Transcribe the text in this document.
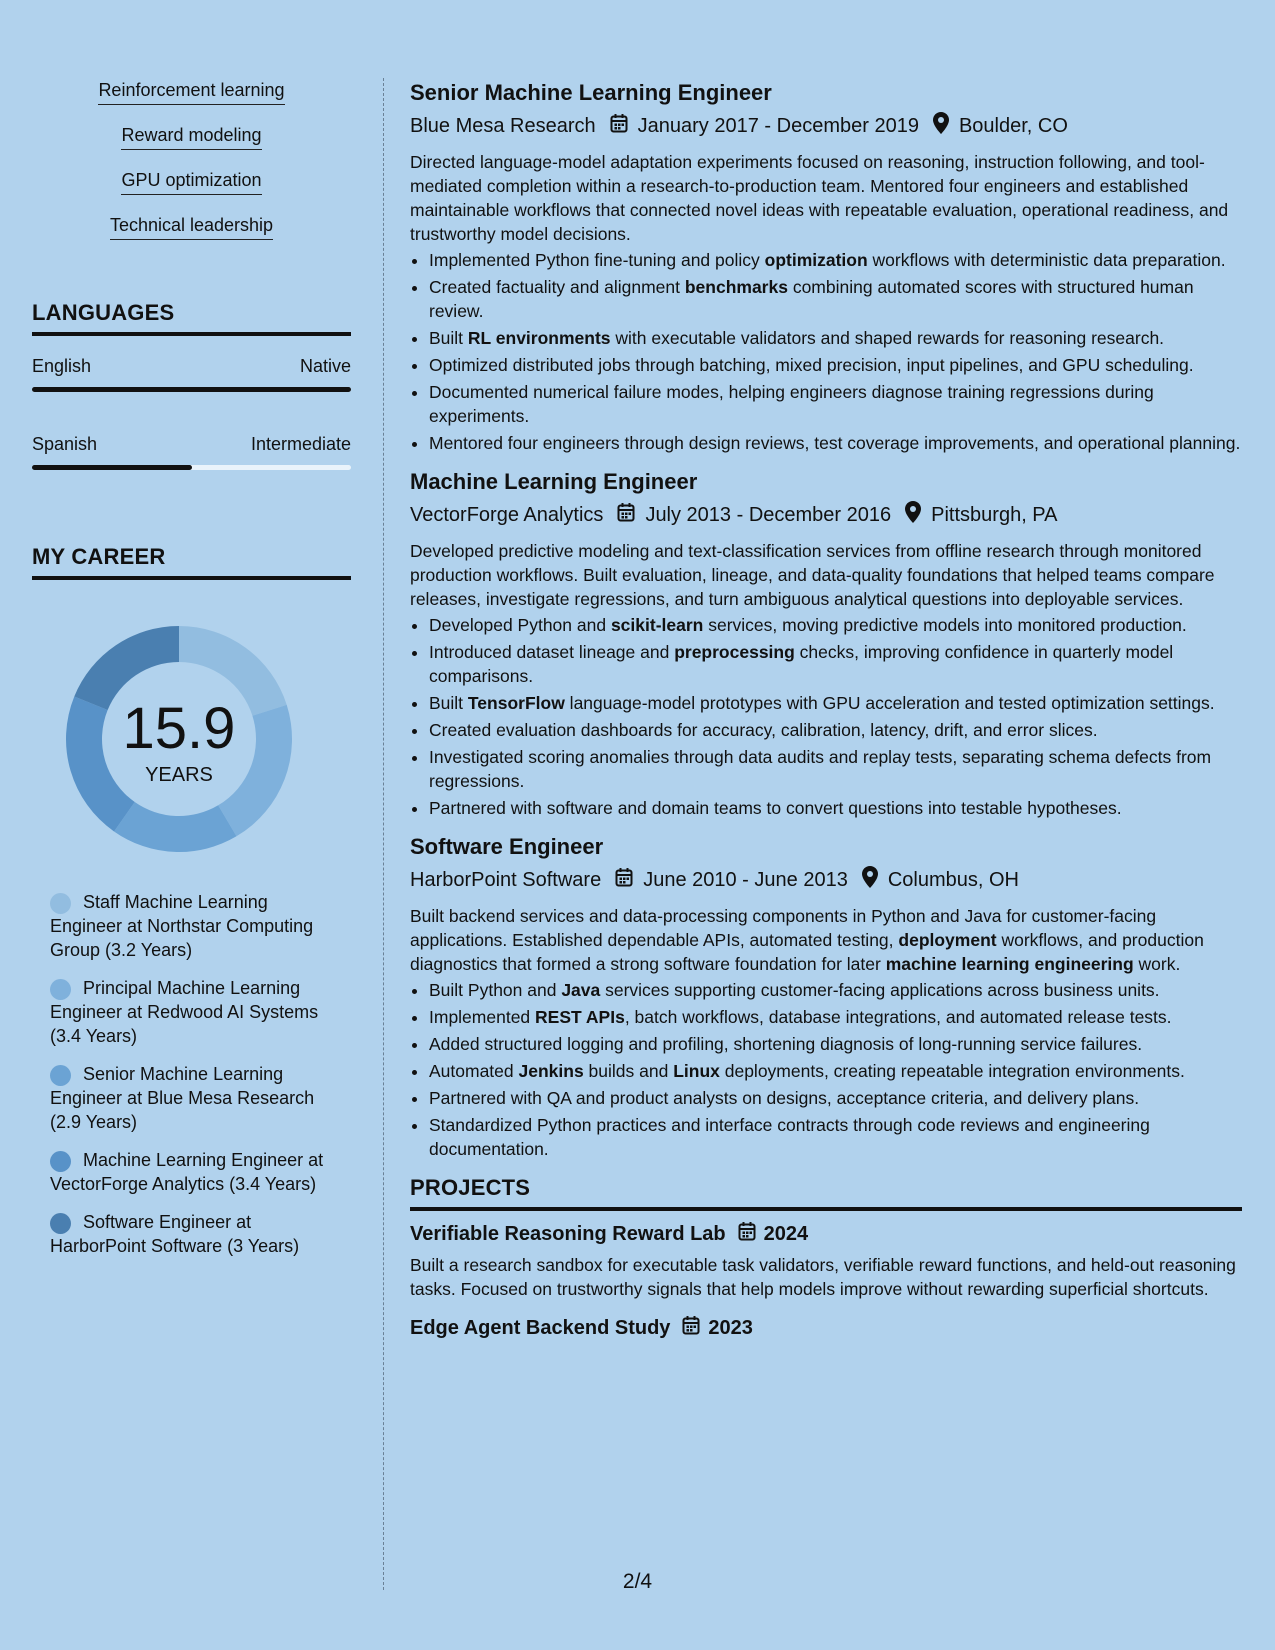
Reinforcement learning
Reward modeling
GPU optimization
Technical leadership
LANGUAGES
English	Native
Spanish	Intermediate
MY CAREER
15.9
YEARS
Staff Machine Learning Engineer at Northstar Computing Group (3.2 Years)
Principal Machine Learning Engineer at Redwood AI Systems (3.4 Years)
Senior Machine Learning Engineer at Blue Mesa Research (2.9 Years)
Machine Learning Engineer at VectorForge Analytics (3.4 Years)
Software Engineer at HarborPoint Software (3 Years)
Senior Machine Learning Engineer
Blue Mesa Research January 2017 - December 2019 Boulder, CO

Directed language-model adaptation experiments focused on reasoning, instruction following, and tool-mediated completion within a research-to-production team. Mentored four engineers and established maintainable workflows that connected novel ideas with repeatable evaluation, operational readiness, and trustworthy model decisions.

• Implemented Python fine-tuning and policy optimization workflows with deterministic data preparation.
• Created factuality and alignment benchmarks combining automated scores with structured human review.
• Built RL environments with executable validators and shaped rewards for reasoning research.
• Optimized distributed jobs through batching, mixed precision, input pipelines, and GPU scheduling.
• Documented numerical failure modes, helping engineers diagnose training regressions during experiments.
• Mentored four engineers through design reviews, test coverage improvements, and operational planning.
Machine Learning Engineer
VectorForge Analytics July 2013 - December 2016 Pittsburgh, PA

Developed predictive modeling and text-classification services from offline research through monitored production workflows. Built evaluation, lineage, and data-quality foundations that helped teams compare releases, investigate regressions, and turn ambiguous analytical questions into deployable services.

• Developed Python and scikit-learn services, moving predictive models into monitored production.
• Introduced dataset lineage and preprocessing checks, improving confidence in quarterly model comparisons.
• Built TensorFlow language-model prototypes with GPU acceleration and tested optimization settings.
• Created evaluation dashboards for accuracy, calibration, latency, drift, and error slices.
• Investigated scoring anomalies through data audits and replay tests, separating schema defects from regressions.
• Partnered with software and domain teams to convert questions into testable hypotheses.
Software Engineer
HarborPoint Software June 2010 - June 2013 Columbus, OH

Built backend services and data-processing components in Python and Java for customer-facing applications. Established dependable APIs, automated testing, deployment workflows, and production diagnostics that formed a strong software foundation for later machine learning engineering work.

• Built Python and Java services supporting customer-facing applications across business units.
• Implemented REST APIs, batch workflows, database integrations, and automated release tests.
• Added structured logging and profiling, shortening diagnosis of long-running service failures.
• Automated Jenkins builds and Linux deployments, creating repeatable integration environments.
• Partnered with QA and product analysts on designs, acceptance criteria, and delivery plans.
• Standardized Python practices and interface contracts through code reviews and engineering documentation.
PROJECTS
Verifiable Reasoning Reward Lab 2024

Built a research sandbox for executable task validators, verifiable reward functions, and held-out reasoning tasks. Focused on trustworthy signals that help models improve without rewarding superficial shortcuts.

Edge Agent Backend Study 2023
2/4
